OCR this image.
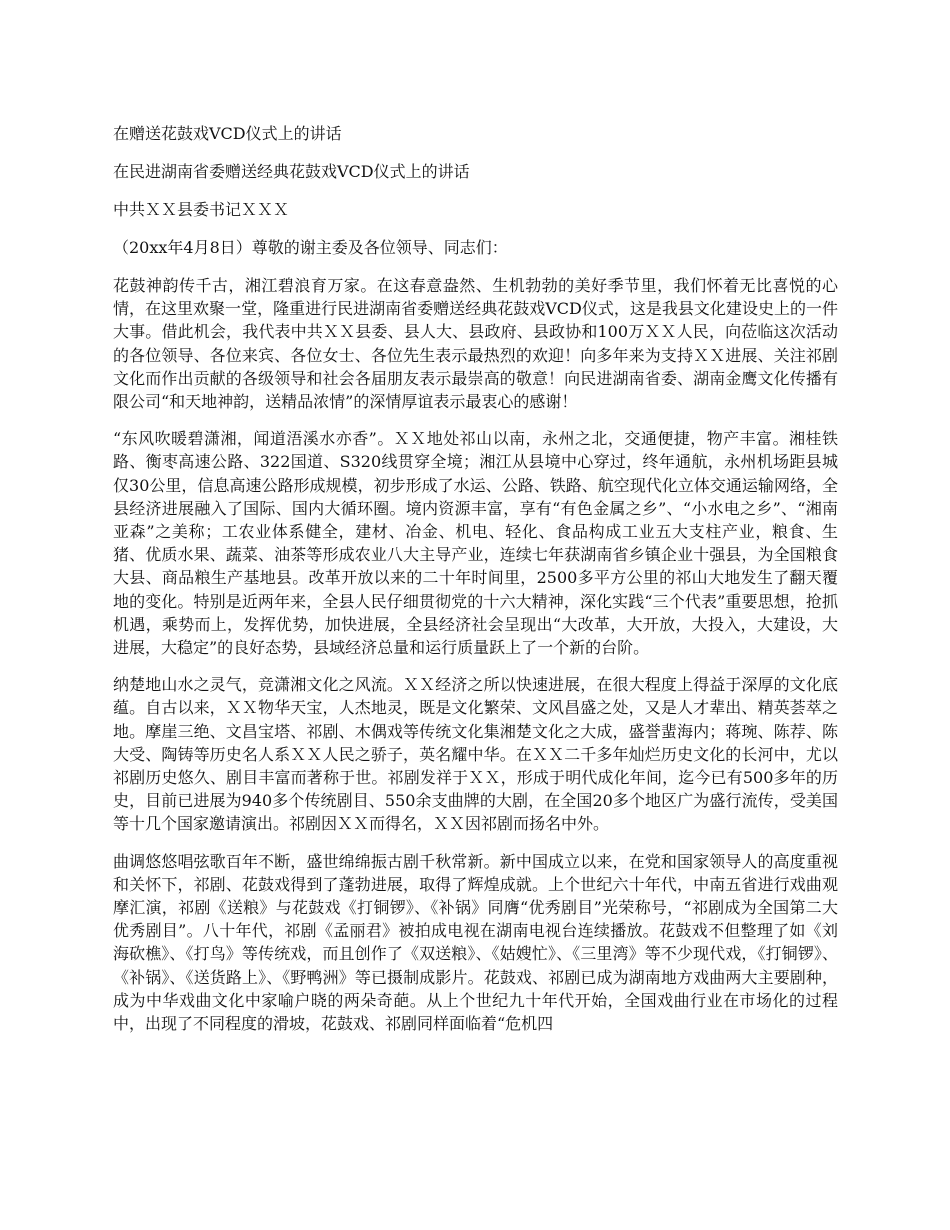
在赠送花鼓戏VCD仪式上的讲话
在民进湖南省委赠送经典花鼓戏VCD仪式上的讲话
中共ＸＸ县委书记ＸＸＸ
（20xx年4月8日）尊敬的谢主委及各位领导、同志们：

花鼓神韵传千古，湘江碧浪育万家。在这春意盎然、生机勃勃的美好季节里，我们怀着无比喜悦的心情，在这里欢聚一堂，隆重进行民进湖南省委赠送经典花鼓戏VCD仪式，这是我县文化建设史上的一件大事。借此机会，我代表中共ＸＸ县委、县人大、县政府、县政协和100万ＸＸ人民，向莅临这次活动的各位领导、各位来宾、各位女士、各位先生表示最热烈的欢迎！向多年来为支持ＸＸ进展、关注祁剧文化而作出贡献的各级领导和社会各届朋友表示最崇高的敬意！向民进湖南省委、湖南金鹰文化传播有限公司“和天地神韵，送精品浓情”的深情厚谊表示最衷心的感谢！

“东风吹暖碧潇湘，闻道浯溪水亦香”。ＸＸ地处祁山以南，永州之北，交通便捷，物产丰富。湘桂铁路、衡枣高速公路、322国道、S320线贯穿全境；湘江从县境中心穿过，终年通航，永州机场距县城仅30公里，信息高速公路形成规模，初步形成了水运、公路、铁路、航空现代化立体交通运输网络，全县经济进展融入了国际、国内大循环圈。境内资源丰富，享有“有色金属之乡”、“小水电之乡”、“湘南亚森”之美称；工农业体系健全，建材、冶金、机电、轻化、食品构成工业五大支柱产业，粮食、生猪、优质水果、蔬菜、油茶等形成农业八大主导产业，连续七年获湖南省乡镇企业十强县，为全国粮食大县、商品粮生产基地县。改革开放以来的二十年时间里，2500多平方公里的祁山大地发生了翻天覆地的变化。特别是近两年来，全县人民仔细贯彻党的十六大精神，深化实践“三个代表”重要思想，抢抓机遇，乘势而上，发挥优势，加快进展，全县经济社会呈现出“大改革，大开放，大投入，大建设，大进展，大稳定”的良好态势，县域经济总量和运行质量跃上了一个新的台阶。

纳楚地山水之灵气，竞潇湘文化之风流。ＸＸ经济之所以快速进展，在很大程度上得益于深厚的文化底蕴。自古以来，ＸＸ物华天宝，人杰地灵，既是文化繁荣、文风昌盛之处，又是人才辈出、精英荟萃之地。摩崖三绝、文昌宝塔、祁剧、木偶戏等传统文化集湘楚文化之大成，盛誉蜚海内；蒋琬、陈荐、陈大受、陶铸等历史名人系ＸＸ人民之骄子，英名耀中华。在ＸＸ二千多年灿烂历史文化的长河中，尤以祁剧历史悠久、剧目丰富而著称于世。祁剧发祥于ＸＸ，形成于明代成化年间，迄今已有500多年的历史，目前已进展为940多个传统剧目、550余支曲牌的大剧，在全国20多个地区广为盛行流传，受美国等十几个国家邀请演出。祁剧因ＸＸ而得名，ＸＸ因祁剧而扬名中外。

曲调悠悠唱弦歌百年不断，盛世绵绵振古剧千秋常新。新中国成立以来，在党和国家领导人的高度重视和关怀下，祁剧、花鼓戏得到了蓬勃进展，取得了辉煌成就。上个世纪六十年代，中南五省进行戏曲观摩汇演，祁剧《送粮》与花鼓戏《打铜锣》、《补锅》同膺“优秀剧目”光荣称号，“祁剧成为全国第二大优秀剧目”。八十年代，祁剧《孟丽君》被拍成电视在湖南电视台连续播放。花鼓戏不但整理了如《刘海砍樵》、《打鸟》等传统戏，而且创作了《双送粮》、《姑嫂忙》、《三里湾》等不少现代戏，《打铜锣》、《补锅》、《送货路上》、《野鸭洲》等已摄制成影片。花鼓戏、祁剧已成为湖南地方戏曲两大主要剧种，成为中华戏曲文化中家喻户晓的两朵奇葩。从上个世纪九十年代开始，全国戏曲行业在市场化的过程中，出现了不同程度的滑坡，花鼓戏、祁剧同样面临着“危机四
